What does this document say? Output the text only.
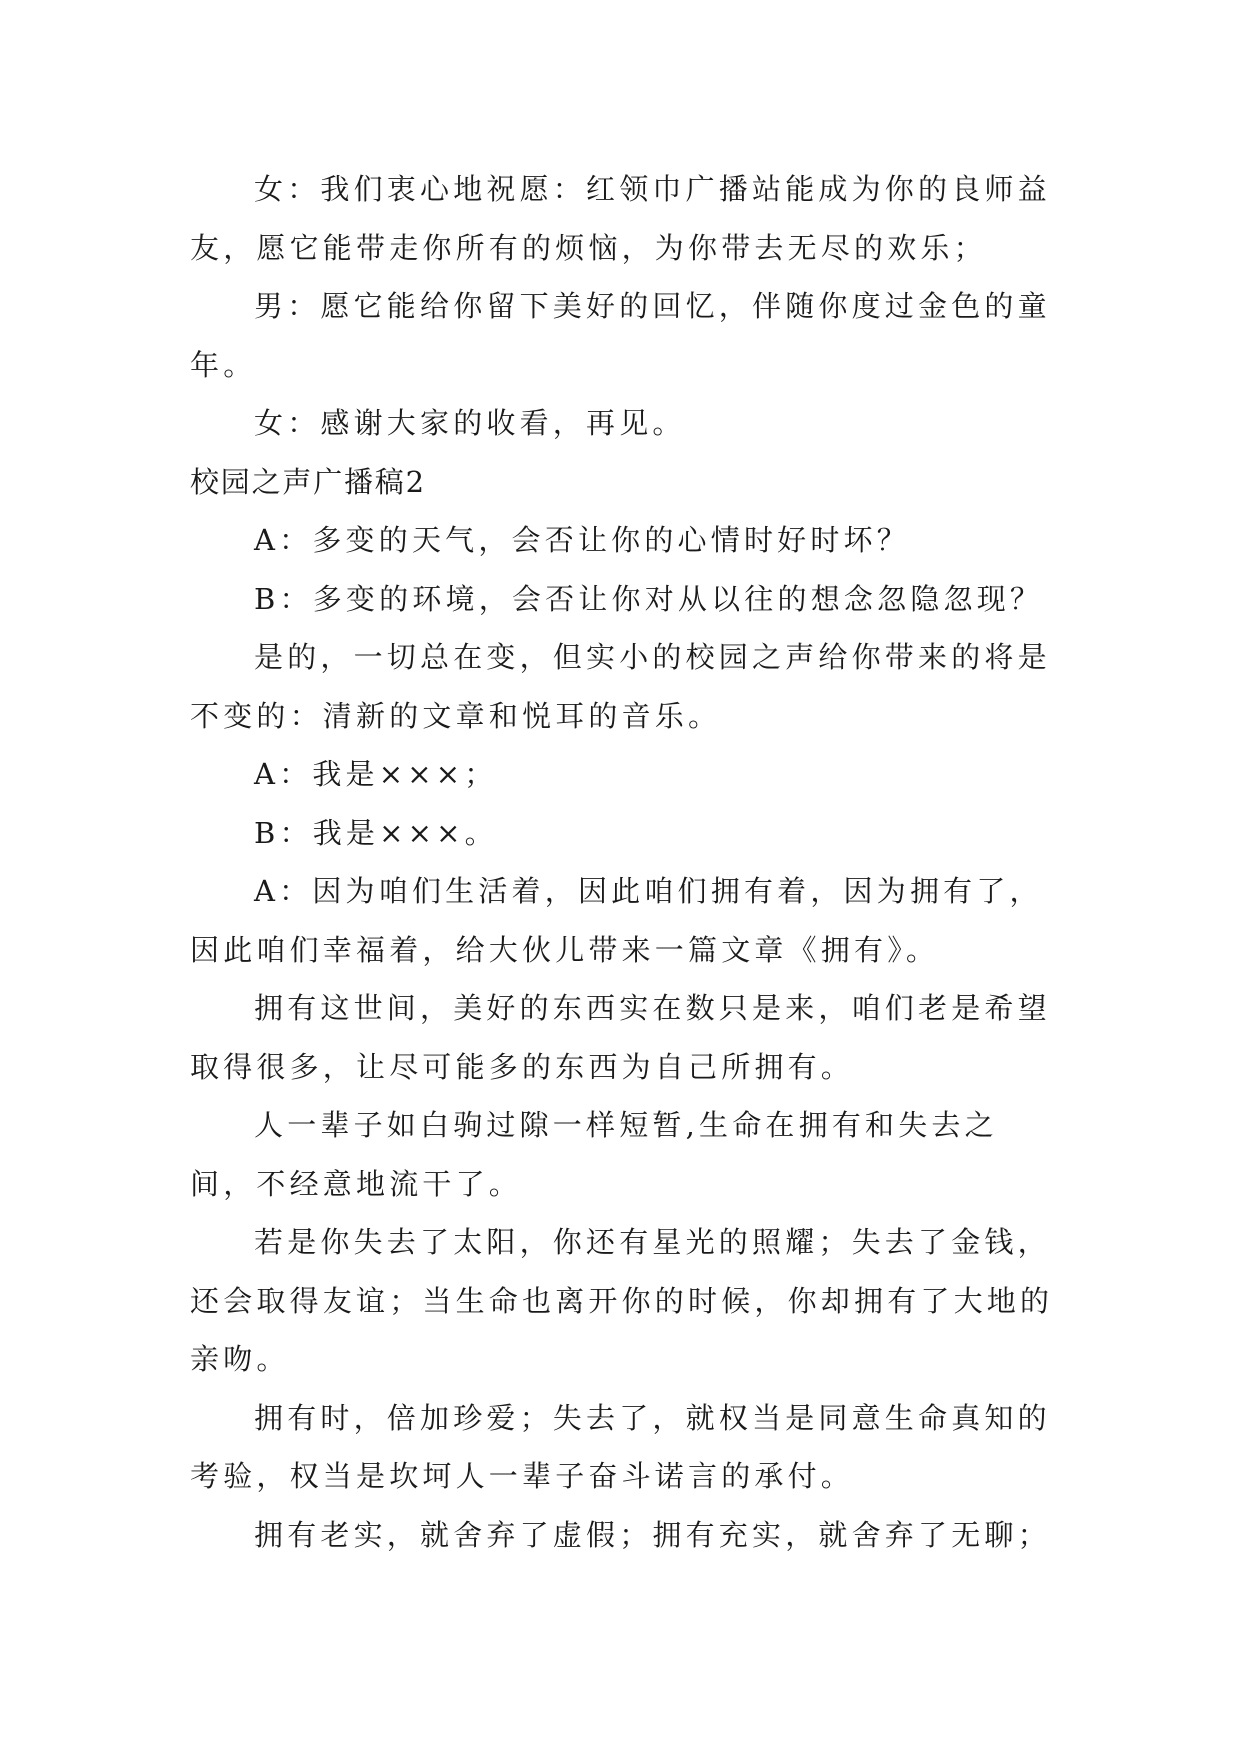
女：我们衷心地祝愿：红领巾广播站能成为你的良师益友，愿它能带走你所有的烦恼，为你带去无尽的欢乐；

男：愿它能给你留下美好的回忆，伴随你度过金色的童年。

女：感谢大家的收看，再见。

校园之声广播稿2

A：多变的天气，会否让你的心情时好时坏？

B：多变的环境，会否让你对从以往的想念忽隐忽现？

是的，一切总在变，但实小的校园之声给你带来的将是不变的：清新的文章和悦耳的音乐。

A：我是×××；

B：我是×××。

A：因为咱们生活着，因此咱们拥有着，因为拥有了，因此咱们幸福着，给大伙儿带来一篇文章《拥有》。

拥有这世间，美好的东西实在数只是来，咱们老是希望取得很多，让尽可能多的东西为自己所拥有。

人一辈子如白驹过隙一样短暂,生命在拥有和失去之间，不经意地流干了。

若是你失去了太阳，你还有星光的照耀；失去了金钱，还会取得友谊；当生命也离开你的时候，你却拥有了大地的亲吻。

拥有时，倍加珍爱；失去了，就权当是同意生命真知的考验，权当是坎坷人一辈子奋斗诺言的承付。

拥有老实，就舍弃了虚假；拥有充实，就舍弃了无聊；
